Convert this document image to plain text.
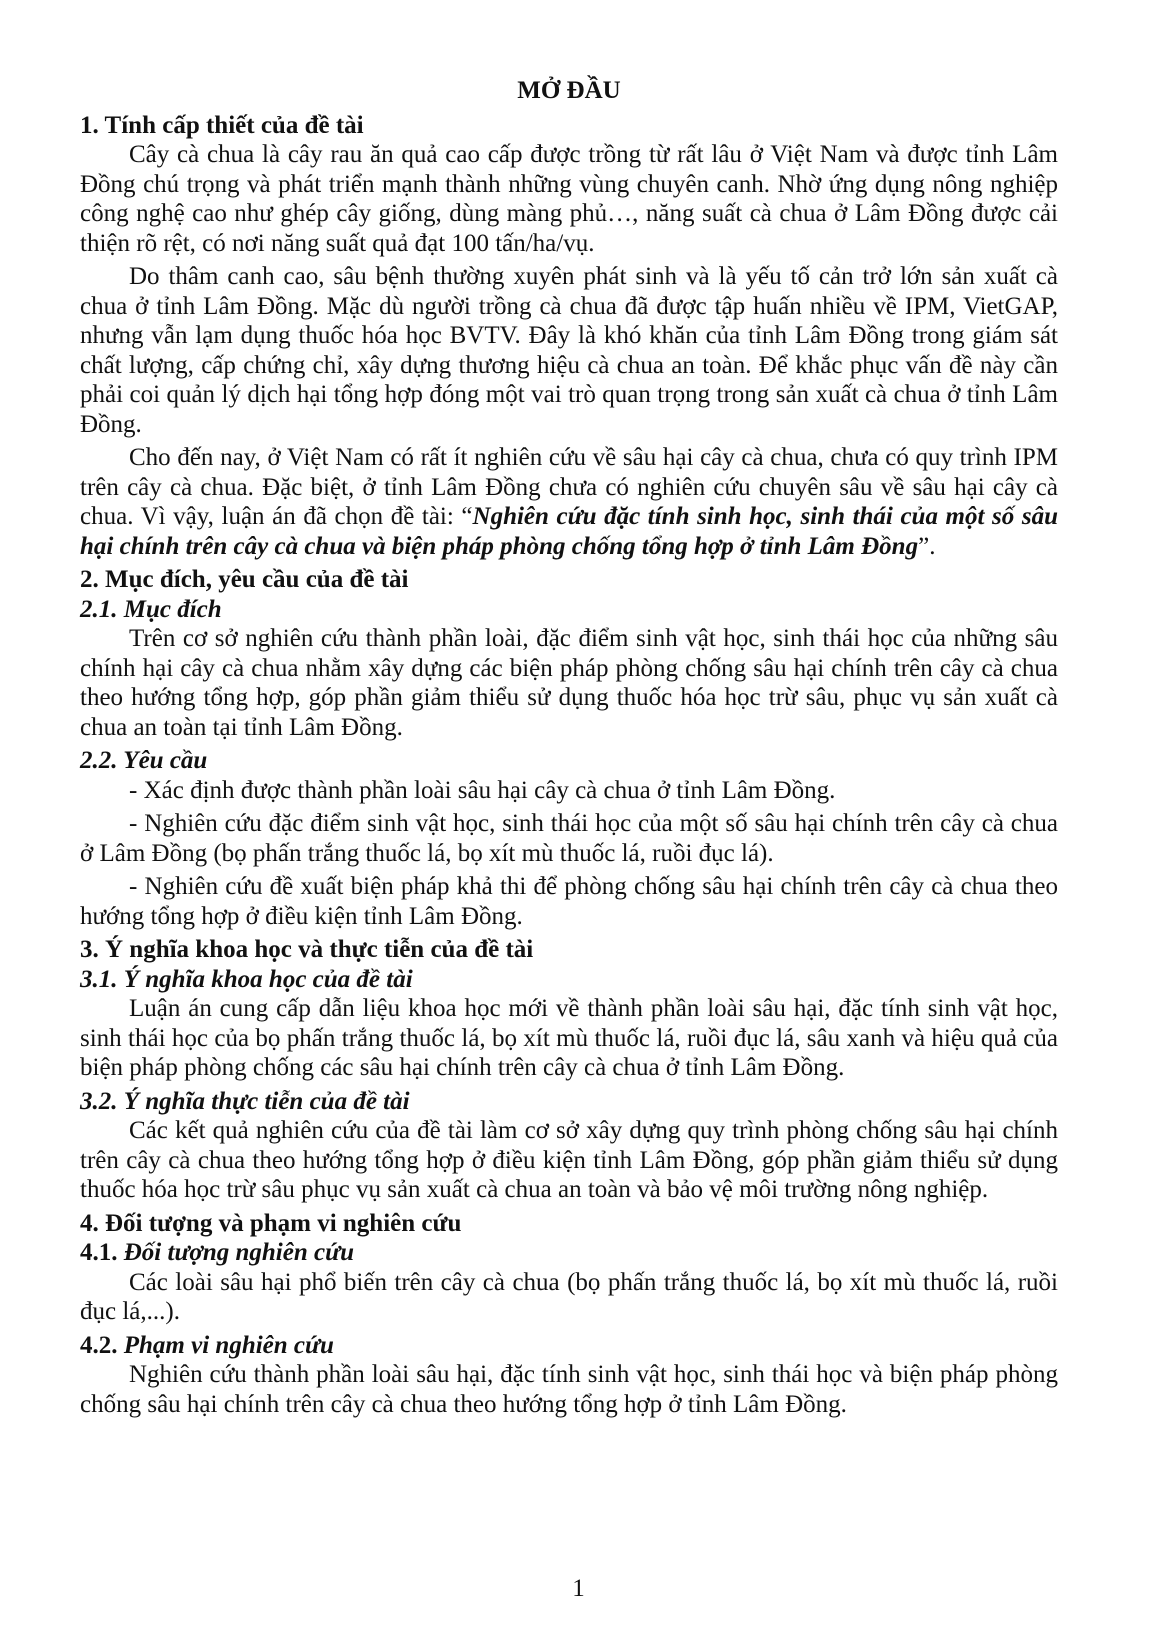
MỞ ĐẦU
1. Tính cấp thiết của đề tài

Cây cà chua là cây rau ăn quả cao cấp được trồng từ rất lâu ở Việt Nam và được tỉnh Lâm Đồng chú trọng và phát triển mạnh thành những vùng chuyên canh. Nhờ ứng dụng nông nghiệp công nghệ cao như ghép cây giống, dùng màng phủ…, năng suất cà chua ở Lâm Đồng được cải thiện rõ rệt, có nơi năng suất quả đạt 100 tấn/ha/vụ.

Do thâm canh cao, sâu bệnh thường xuyên phát sinh và là yếu tố cản trở lớn sản xuất cà chua ở tỉnh Lâm Đồng. Mặc dù người trồng cà chua đã được tập huấn nhiều về IPM, VietGAP, nhưng vẫn lạm dụng thuốc hóa học BVTV. Đây là khó khăn của tỉnh Lâm Đồng trong giám sát chất lượng, cấp chứng chỉ, xây dựng thương hiệu cà chua an toàn. Để khắc phục vấn đề này cần phải coi quản lý dịch hại tổng hợp đóng một vai trò quan trọng trong sản xuất cà chua ở tỉnh Lâm Đồng.

Cho đến nay, ở Việt Nam có rất ít nghiên cứu về sâu hại cây cà chua, chưa có quy trình IPM trên cây cà chua. Đặc biệt, ở tỉnh Lâm Đồng chưa có nghiên cứu chuyên sâu về sâu hại cây cà chua. Vì vậy, luận án đã chọn đề tài: “Nghiên cứu đặc tính sinh học, sinh thái của một số sâu hại chính trên cây cà chua và biện pháp phòng chống tổng hợp ở tỉnh Lâm Đồng”.

2. Mục đích, yêu cầu của đề tài
2.1. Mục đích

Trên cơ sở nghiên cứu thành phần loài, đặc điểm sinh vật học, sinh thái học của những sâu chính hại cây cà chua nhằm xây dựng các biện pháp phòng chống sâu hại chính trên cây cà chua theo hướng tổng hợp, góp phần giảm thiểu sử dụng thuốc hóa học trừ sâu, phục vụ sản xuất cà chua an toàn tại tỉnh Lâm Đồng.

2.2. Yêu cầu

- Xác định được thành phần loài sâu hại cây cà chua ở tỉnh Lâm Đồng.

- Nghiên cứu đặc điểm sinh vật học, sinh thái học của một số sâu hại chính trên cây cà chua ở Lâm Đồng (bọ phấn trắng thuốc lá, bọ xít mù thuốc lá, ruồi đục lá).

- Nghiên cứu đề xuất biện pháp khả thi để phòng chống sâu hại chính trên cây cà chua theo hướng tổng hợp ở điều kiện tỉnh Lâm Đồng.

3. Ý nghĩa khoa học và thực tiễn của đề tài
3.1. Ý nghĩa khoa học của đề tài

Luận án cung cấp dẫn liệu khoa học mới về thành phần loài sâu hại, đặc tính sinh vật học, sinh thái học của bọ phấn trắng thuốc lá, bọ xít mù thuốc lá, ruồi đục lá, sâu xanh và hiệu quả của biện pháp phòng chống các sâu hại chính trên cây cà chua ở tỉnh Lâm Đồng.

3.2. Ý nghĩa thực tiễn của đề tài

Các kết quả nghiên cứu của đề tài làm cơ sở xây dựng quy trình phòng chống sâu hại chính trên cây cà chua theo hướng tổng hợp ở điều kiện tỉnh Lâm Đồng, góp phần giảm thiểu sử dụng thuốc hóa học trừ sâu phục vụ sản xuất cà chua an toàn và bảo vệ môi trường nông nghiệp.

4. Đối tượng và phạm vi nghiên cứu
4.1. Đối tượng nghiên cứu

Các loài sâu hại phổ biến trên cây cà chua (bọ phấn trắng thuốc lá, bọ xít mù thuốc lá, ruồi đục lá,...).

4.2. Phạm vi nghiên cứu

Nghiên cứu thành phần loài sâu hại, đặc tính sinh vật học, sinh thái học và biện pháp phòng chống sâu hại chính trên cây cà chua theo hướng tổng hợp ở tỉnh Lâm Đồng.

1
